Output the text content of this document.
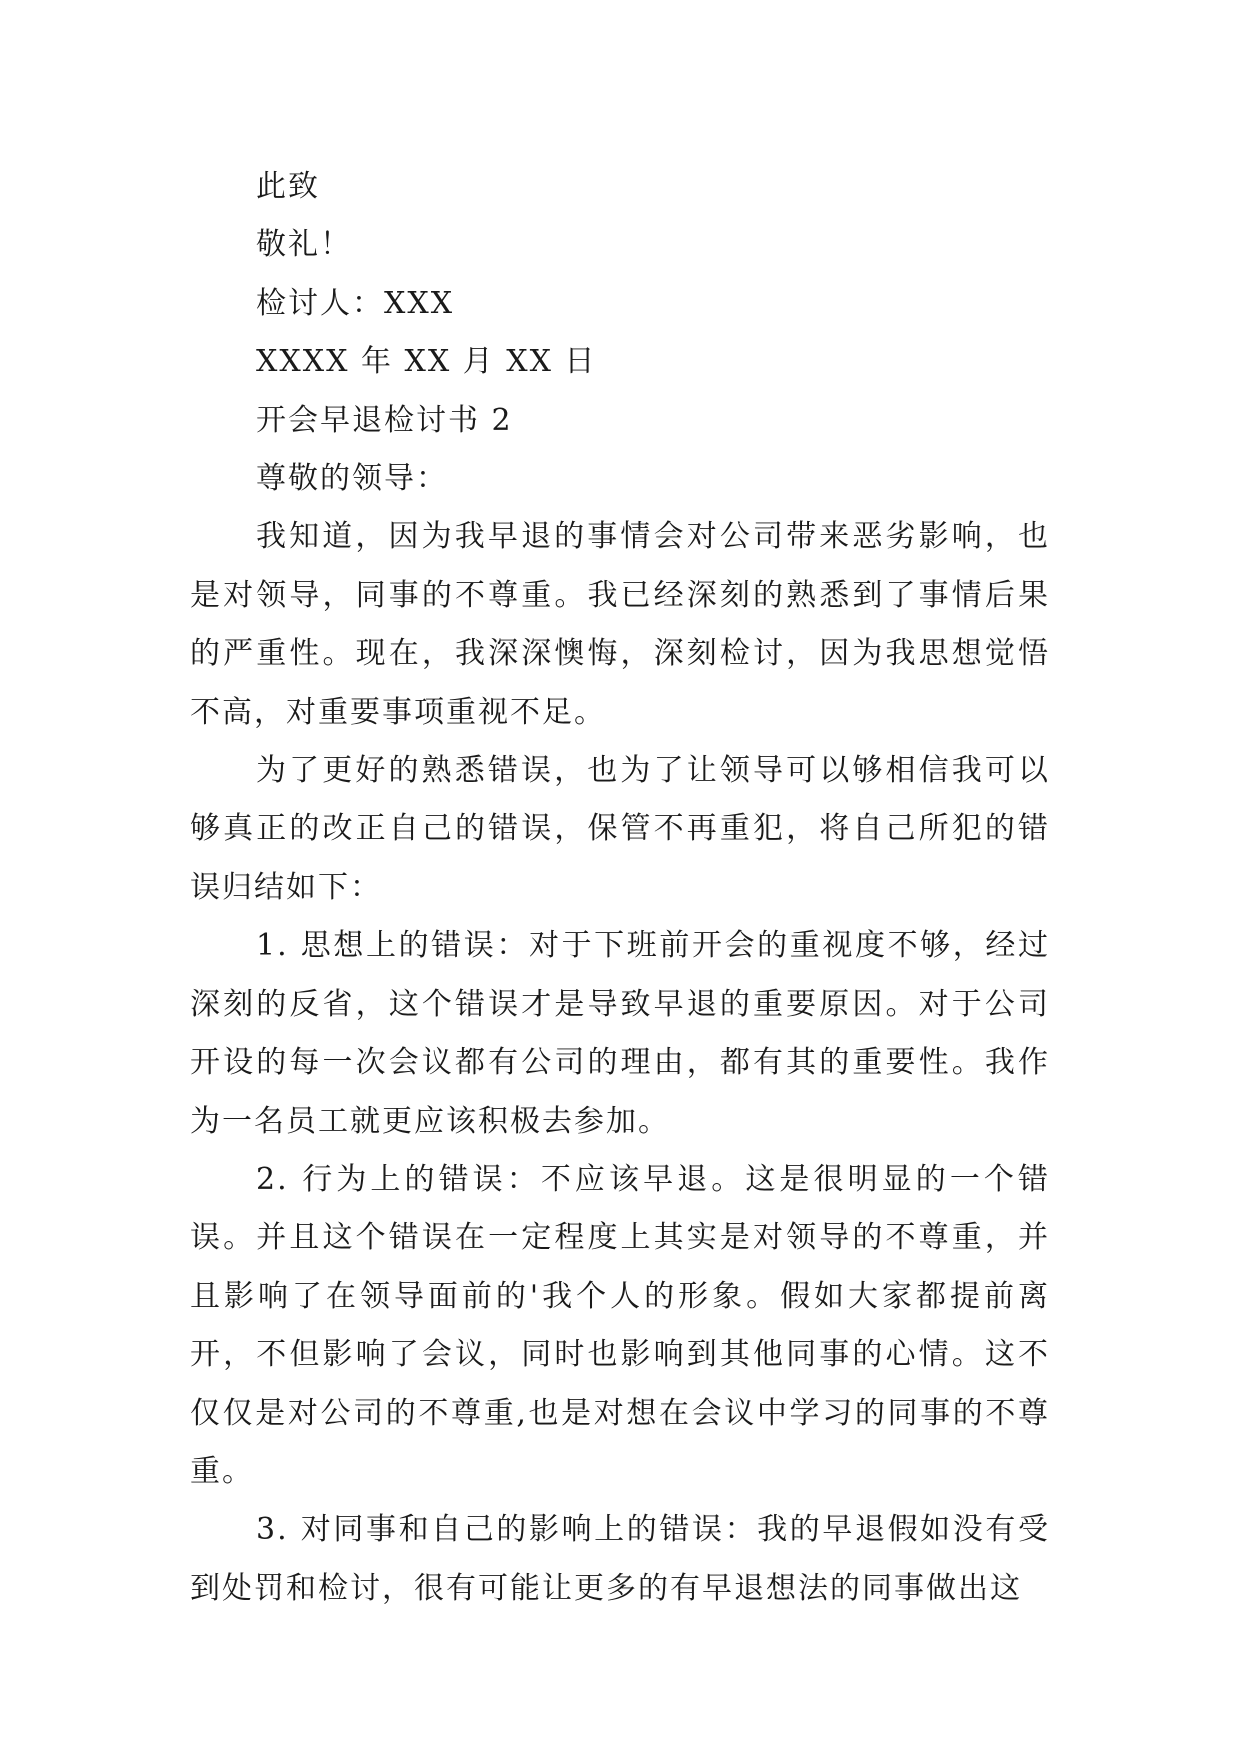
此致

敬礼！

检讨人：XXX

XXXX 年 XX 月 XX 日

开会早退检讨书 2

尊敬的领导：

我知道，因为我早退的事情会对公司带来恶劣影响，也是对领导，同事的不尊重。我已经深刻的熟悉到了事情后果的严重性。现在，我深深懊悔，深刻检讨，因为我思想觉悟不高，对重要事项重视不足。

为了更好的熟悉错误，也为了让领导可以够相信我可以够真正的改正自己的错误，保管不再重犯，将自己所犯的错误归结如下：

1. 思想上的错误：对于下班前开会的重视度不够，经过深刻的反省，这个错误才是导致早退的重要原因。对于公司开设的每一次会议都有公司的理由，都有其的重要性。我作为一名员工就更应该积极去参加。

2. 行为上的错误：不应该早退。这是很明显的一个错误。并且这个错误在一定程度上其实是对领导的不尊重，并且影响了在领导面前的'我个人的形象。假如大家都提前离开，不但影响了会议，同时也影响到其他同事的心情。这不仅仅是对公司的不尊重,也是对想在会议中学习的同事的不尊重。

3. 对同事和自己的影响上的错误：我的早退假如没有受到处罚和检讨，很有可能让更多的有早退想法的同事做出这
